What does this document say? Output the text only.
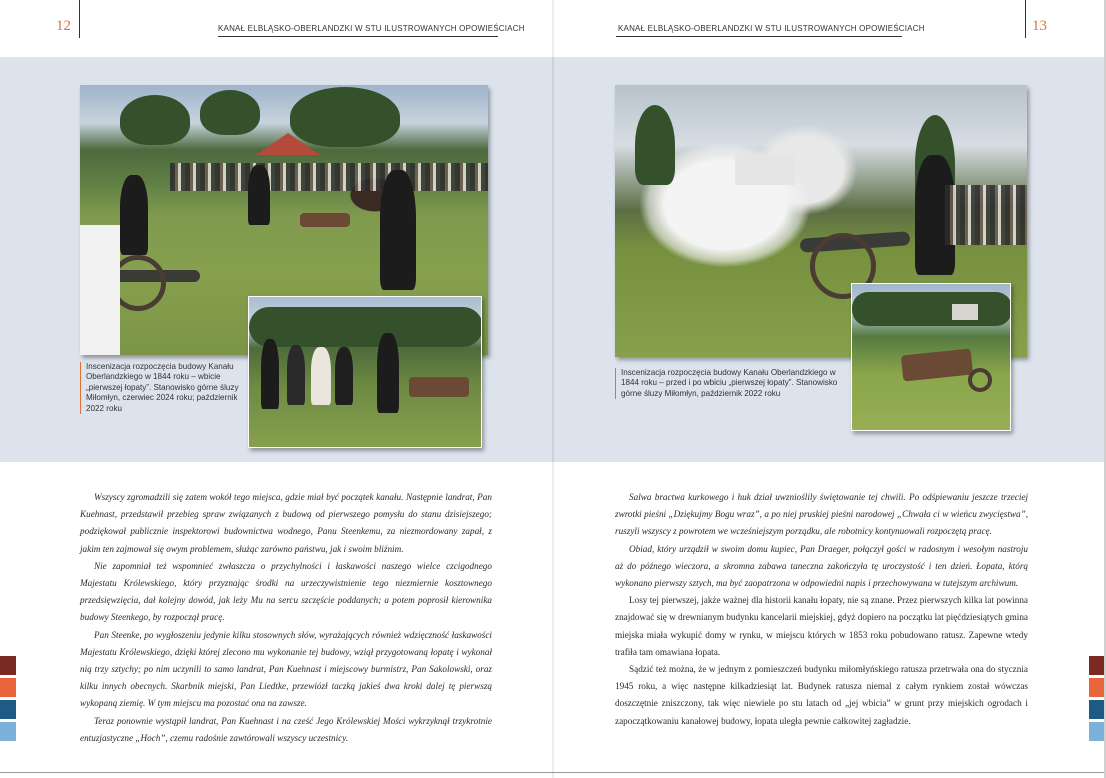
12	KANAŁ ELBLĄSKO-OBERLANDZKI W STU ILUSTROWANYCH OPOWIEŚCIACH	KANAŁ ELBLĄSKO-OBERLANDZKI W STU ILUSTROWANYCH OPOWIEŚCIACH	13
Inscenizacja rozpoczęcia budowy Kanału Oberlandzkiego w 1844 roku – wbicie „pierwszej łopaty”. Stanowisko górne śluzy Miłomłyn, czerwiec 2024 roku; październik 2022 roku
Inscenizacja rozpoczęcia budowy Kanału Oberlandzkiego w 1844 roku – przed i po wbiciu „pierwszej łopaty”. Stanowisko górne śluzy Miłomłyn, październik 2022 roku

Wszyscy zgromadzili się zatem wokół tego miejsca, gdzie miał być początek kanału. Następnie landrat, Pan Kuehnast, przedstawił przebieg spraw związanych z budową od pierwszego pomysłu do stanu dzisiejszego; podziękował publicznie inspektorowi budownictwa wodnego, Panu Steenkemu, za niezmordowany zapał, z jakim ten zajmował się owym problemem, służąc zarówno państwu, jak i swoim bliźnim.

Nie zapomniał też wspomnieć zwłaszcza o przychylności i łaskawości naszego wielce czcigodnego Majestatu Królewskiego, który przyznając środki na urzeczywistnienie tego niezmiernie kosztownego przedsięwzięcia, dał kolejny dowód, jak leży Mu na sercu szczęście poddanych; a potem poprosił kierownika budowy Steenkego, by rozpoczął pracę.

Pan Steenke, po wygłoszeniu jedynie kilku stosownych słów, wyrażających również wdzięczność łaskawości Majestatu Królewskiego, dzięki której zlecono mu wykonanie tej budowy, wziął przygotowaną łopatę i wykonał nią trzy sztychy; po nim uczynili to samo landrat, Pan Kuehnast i miejscowy burmistrz, Pan Sakolowski, oraz kilku innych obecnych. Skarbnik miejski, Pan Liedtke, przewiózł taczką jakieś dwa kroki dalej tę pierwszą wykopaną ziemię. W tym miejscu ma pozostać ona na zawsze.

Teraz ponownie wystąpił landrat, Pan Kuehnast i na cześć Jego Królewskiej Mości wykrzyknął trzykrotnie entuzjastyczne „Hoch”, czemu radośnie zawtórowali wszyscy uczestnicy.

Salwa bractwa kurkowego i huk dział uwznioślily świętowanie tej chwili. Po odśpiewaniu jeszcze trzeciej zwrotki pieśni „Dziękujmy Bogu wraz”, a po niej pruskiej pieśni narodowej „Chwała ci w wieńcu zwycięstwa”, ruszyli wszyscy z powrotem we wcześniejszym porządku, ale robotnicy kontynuowali rozpoczętą pracę.

Obiad, który urządził w swoim domu kupiec, Pan Draeger, połączył gości w radosnym i wesołym nastroju aż do późnego wieczora, a skromna zabawa taneczna zakończyła tę uroczystość i ten dzień. Łopata, którą wykonano pierwszy sztych, ma być zaopatrzona w odpowiedni napis i przechowywana w tutejszym archiwum.

Losy tej pierwszej, jakże ważnej dla historii kanału łopaty, nie są znane. Przez pierwszych kilka lat powinna znajdować się w drewnianym budynku kancelarii miejskiej, gdyż dopiero na początku lat pięćdziesiątych gmina miejska miała wykupić domy w rynku, w miejscu których w 1853 roku pobudowano ratusz. Zapewne wtedy trafiła tam omawiana łopata.

Sądzić też można, że w jednym z pomieszczeń budynku miłomłyńskiego ratusza przetrwała ona do stycznia 1945 roku, a więc następne kilkadziesiąt lat. Budynek ratusza niemal z całym rynkiem został wówczas doszczętnie zniszczony, tak więc niewiele po stu latach od „jej wbicia” w grunt przy miejskich ogrodach i zapoczątkowaniu kanałowej budowy, łopata uległa pewnie całkowitej zagładzie.
